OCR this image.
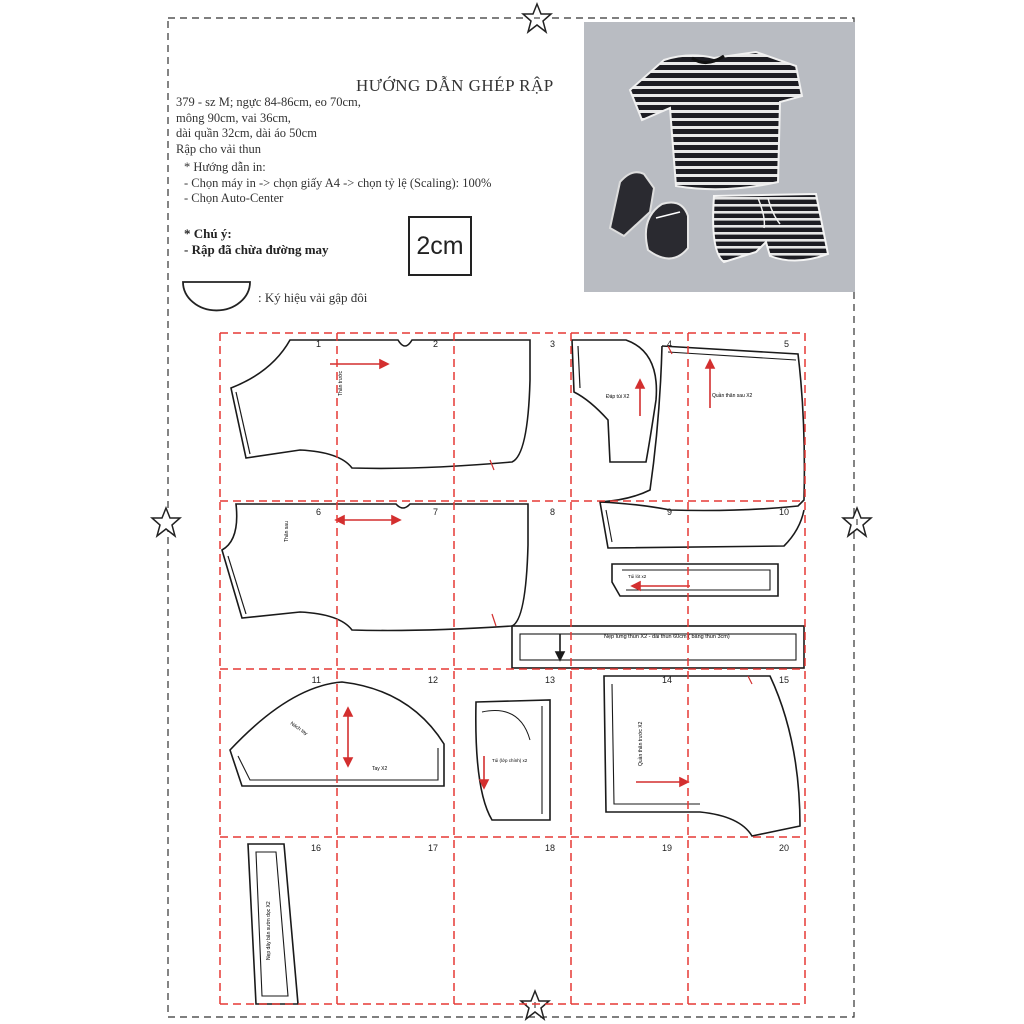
Thân trước
Thân sau
Đáp túi X2	Quần thân sau X2
Túi lót x2
Nẹp lưng thun X2 - dài thun 60cm ( bảng thun 3cm)
Nách tay
Tay X2
Túi (lớp chính) x2	Quần thân trước X2
Nẹp dây bản sườn dọc X2
1	2	3	4	5
6	7	8	9	10
11	12	13	14	15
16	17	18	19	20
HƯỚNG DẪN GHÉP RẬP
379 - sz M; ngực 84-86cm, eo 70cm,
mông 90cm, vai 36cm,
dài quần 32cm, dài áo 50cm
Rập cho vải thun
* Hướng dẫn in:
- Chọn máy in -> chọn giấy A4 -> chọn tỷ lệ (Scaling): 100%
- Chọn Auto-Center
* Chú ý:
- Rập đã chừa đường may	2cm
: Ký hiệu vải gập đôi
